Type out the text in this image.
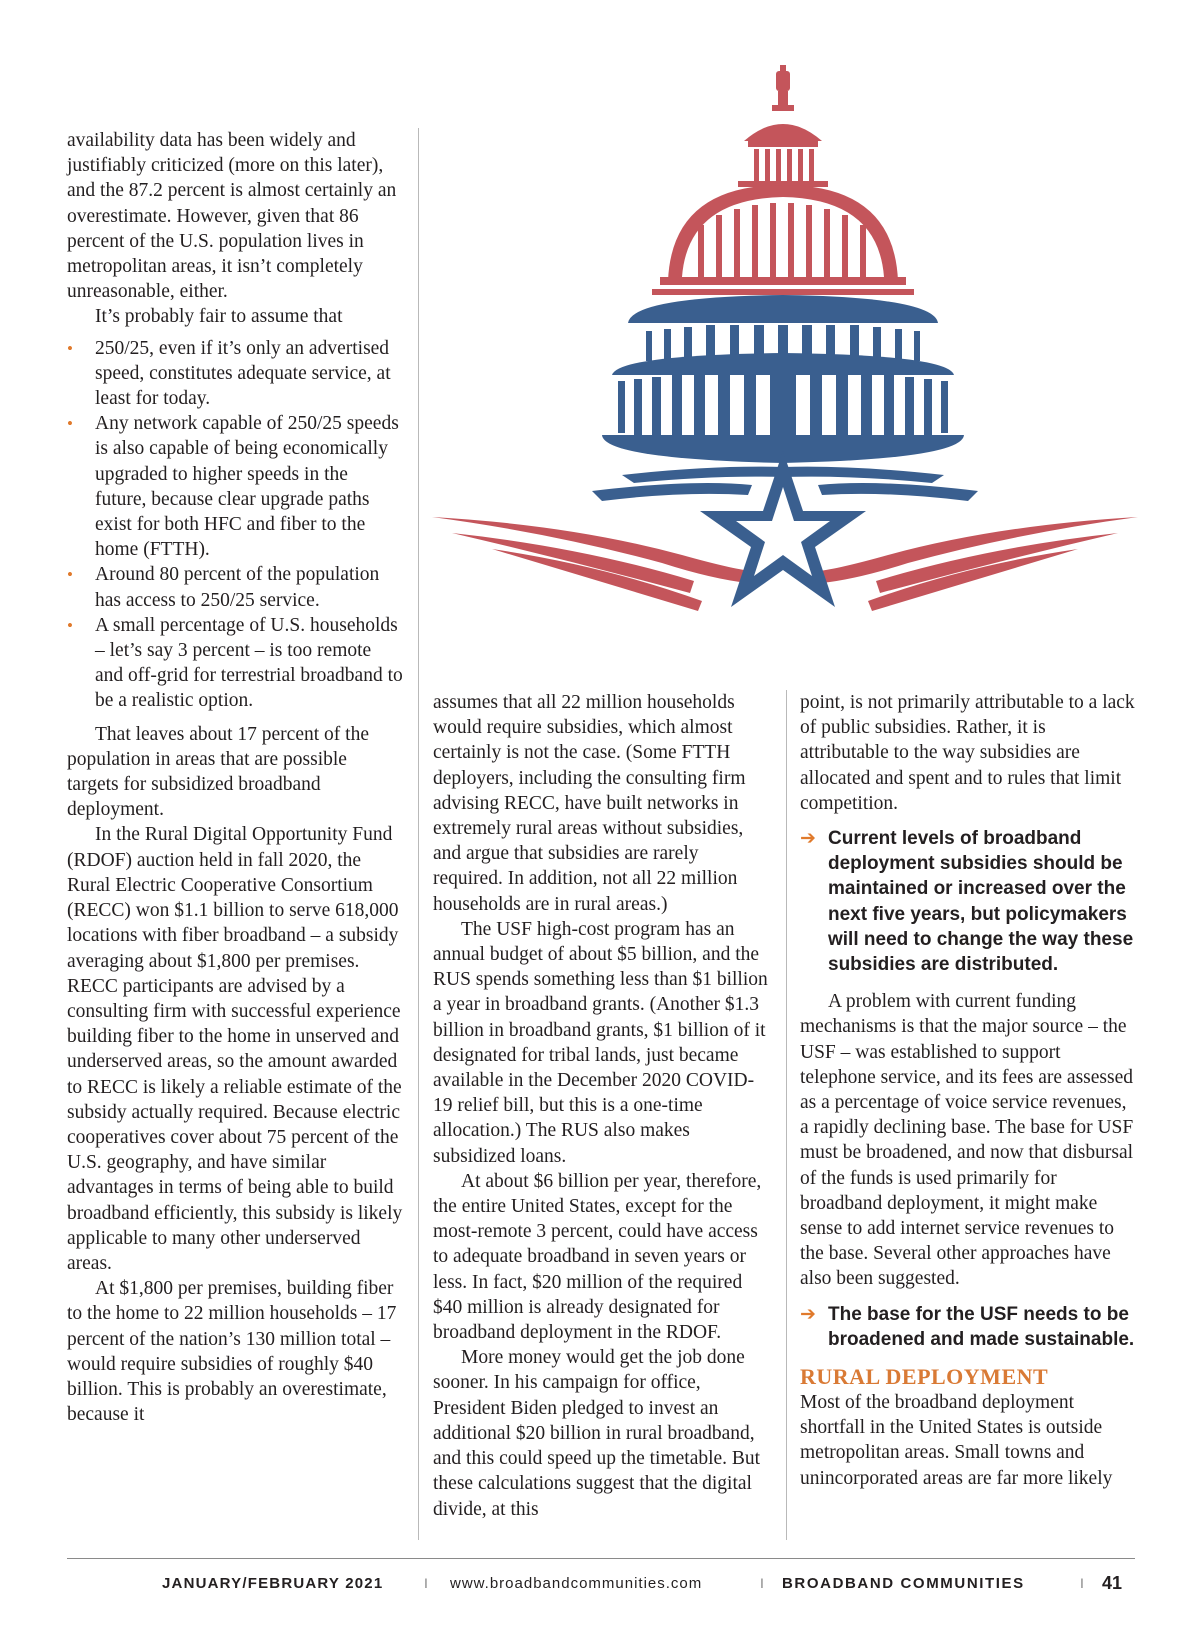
availability data has been widely and justifiably criticized (more on this later), and the 87.2 percent is almost certainly an overestimate. However, given that 86 percent of the U.S. population lives in metropolitan areas, it isn’t completely unreasonable, either.

It’s probably fair to assume that

• 250/25, even if it’s only an advertised speed, constitutes adequate service, at least for today.
• Any network capable of 250/25 speeds is also capable of being economically upgraded to higher speeds in the future, because clear upgrade paths exist for both HFC and fiber to the home (FTTH).
• Around 80 percent of the population has access to 250/25 service.
• A small percentage of U.S. households – let’s say 3 percent – is too remote and off-grid for terrestrial broadband to be a realistic option.

That leaves about 17 percent of the population in areas that are possible targets for subsidized broadband deployment.

In the Rural Digital Opportunity Fund (RDOF) auction held in fall 2020, the Rural Electric Cooperative Consortium (RECC) won $1.1 billion to serve 618,000 locations with fiber broadband – a subsidy averaging about $1,800 per premises. RECC participants are advised by a consulting firm with successful experience building fiber to the home in unserved and underserved areas, so the amount awarded to RECC is likely a reliable estimate of the subsidy actually required. Because electric cooperatives cover about 75 percent of the U.S. geography, and have similar advantages in terms of being able to build broadband efficiently, this subsidy is likely applicable to many other underserved areas.

At $1,800 per premises, building fiber to the home to 22 million households – 17 percent of the nation’s 130 million total – would require subsidies of roughly $40 billion. This is probably an overestimate, because it

assumes that all 22 million households would require subsidies, which almost certainly is not the case. (Some FTTH deployers, including the consulting firm advising RECC, have built networks in extremely rural areas without subsidies, and argue that subsidies are rarely required. In addition, not all 22 million households are in rural areas.)

The USF high-cost program has an annual budget of about $5 billion, and the RUS spends something less than $1 billion a year in broadband grants. (Another $1.3 billion in broadband grants, $1 billion of it designated for tribal lands, just became available in the December 2020 COVID-19 relief bill, but this is a one-time allocation.) The RUS also makes subsidized loans.

At about $6 billion per year, therefore, the entire United States, except for the most-remote 3 percent, could have access to adequate broadband in seven years or less. In fact, $20 million of the required $40 million is already designated for broadband deployment in the RDOF.

More money would get the job done sooner. In his campaign for office, President Biden pledged to invest an additional $20 billion in rural broadband, and this could speed up the timetable. But these calculations suggest that the digital divide, at this

point, is not primarily attributable to a lack of public subsidies. Rather, it is attributable to the way subsidies are allocated and spent and to rules that limit competition.

➔ Current levels of broadband deployment subsidies should be maintained or increased over the next five years, but policymakers will need to change the way these subsidies are distributed.

A problem with current funding mechanisms is that the major source – the USF – was established to support telephone service, and its fees are assessed as a percentage of voice service revenues, a rapidly declining base. The base for USF must be broadened, and now that disbursal of the funds is used primarily for broadband deployment, it might make sense to add internet service revenues to the base. Several other approaches have also been suggested.

➔ The base for the USF needs to be broadened and made sustainable.
RURAL DEPLOYMENT

Most of the broadband deployment shortfall in the United States is outside metropolitan areas. Small towns and unincorporated areas are far more likely

JANUARY/FEBRUARY 2021	I www.broadbandcommunities.com	I BROADBAND COMMUNITIES	I 41
